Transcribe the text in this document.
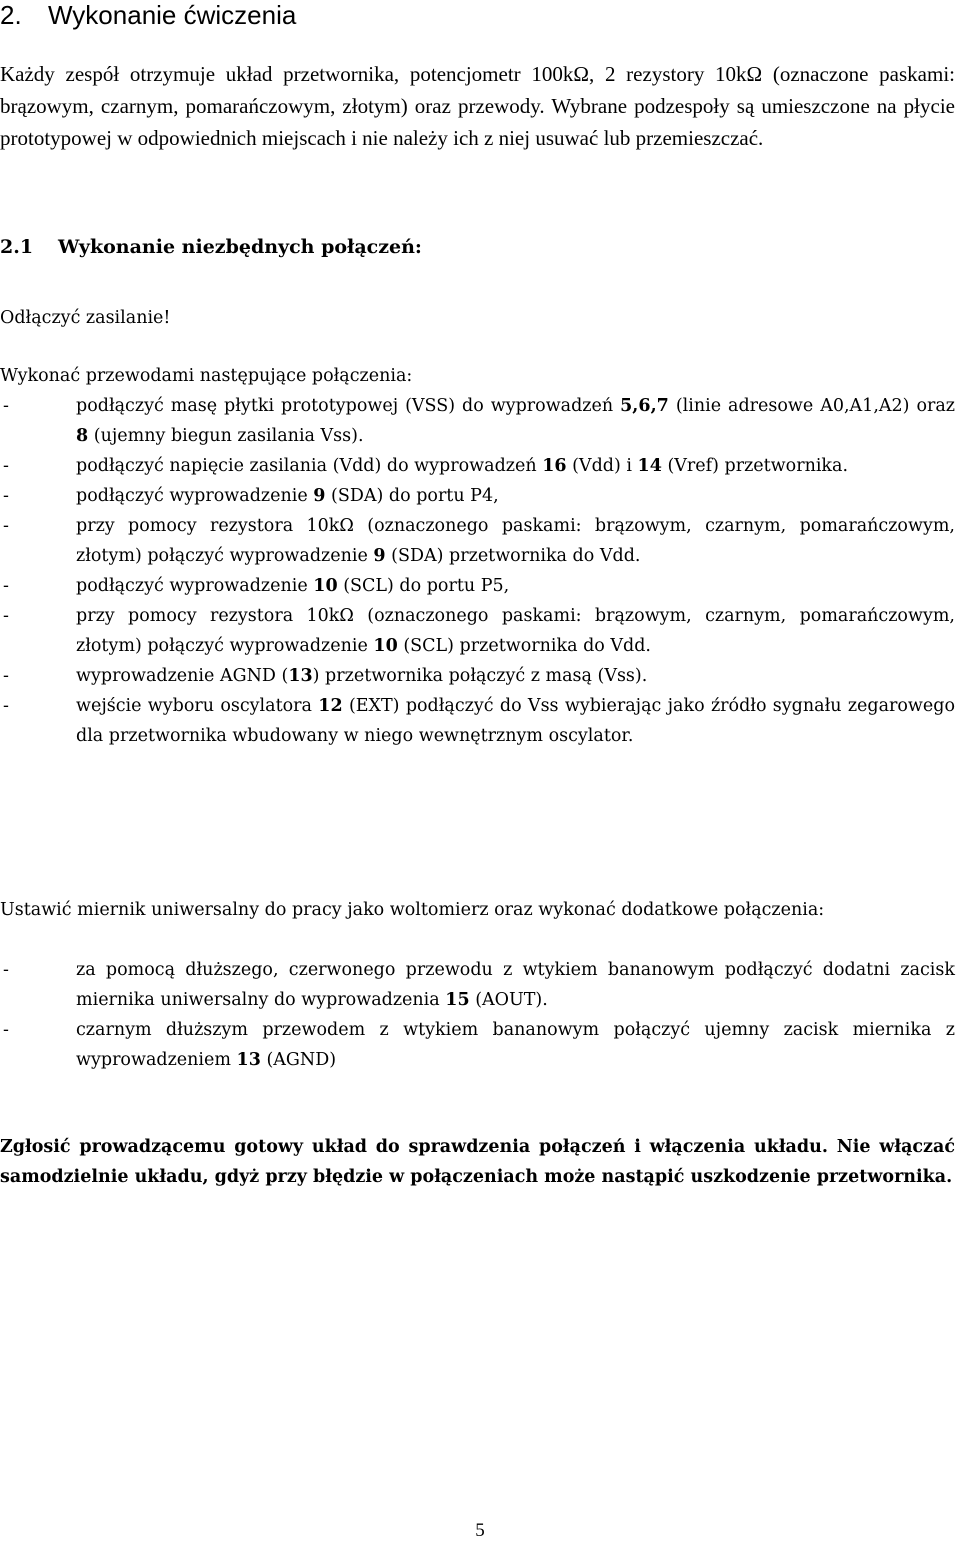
2. Wykonanie ćwiczenia

Każdy zespół otrzymuje układ przetwornika, potencjometr 100kΩ, 2 rezystory 10kΩ (oznaczone paskami: brązowym, czarnym, pomarańczowym, złotym) oraz przewody. Wybrane podzespoły są umieszczone na płycie prototypowej w odpowiednich miejscach i nie należy ich z niej usuwać lub przemieszczać.

2.1 Wykonanie niezbędnych połączeń:

Odłączyć zasilanie!

Wykonać przewodami następujące połączenia:

-	podłączyć masę płytki prototypowej (VSS) do wyprowadzeń 5,6,7 (linie adresowe A0,A1,A2) oraz 8 (ujemny biegun zasilania Vss).
-	podłączyć napięcie zasilania (Vdd) do wyprowadzeń 16 (Vdd) i 14 (Vref) przetwornika.
-	podłączyć wyprowadzenie 9 (SDA) do portu P4,
-	przy pomocy rezystora 10kΩ (oznaczonego paskami: brązowym, czarnym, pomarańczowym, złotym) połączyć wyprowadzenie 9 (SDA) przetwornika do Vdd.
-	podłączyć wyprowadzenie 10 (SCL) do portu P5,
-	przy pomocy rezystora 10kΩ (oznaczonego paskami: brązowym, czarnym, pomarańczowym, złotym) połączyć wyprowadzenie 10 (SCL) przetwornika do Vdd.
-	wyprowadzenie AGND (13) przetwornika połączyć z masą (Vss).
-	wejście wyboru oscylatora 12 (EXT) podłączyć do Vss wybierając jako źródło sygnału zegarowego dla przetwornika wbudowany w niego wewnętrznym oscylator.

Ustawić miernik uniwersalny do pracy jako woltomierz oraz wykonać dodatkowe połączenia:

-	za pomocą dłuższego, czerwonego przewodu z wtykiem bananowym podłączyć dodatni zacisk miernika uniwersalny do wyprowadzenia 15 (AOUT).
-	czarnym dłuższym przewodem z wtykiem bananowym połączyć ujemny zacisk miernika z wyprowadzeniem 13 (AGND)

Zgłosić prowadzącemu gotowy układ do sprawdzenia połączeń i włączenia układu. Nie włączać samodzielnie układu, gdyż przy błędzie w połączeniach może nastąpić uszkodzenie przetwornika.

5
